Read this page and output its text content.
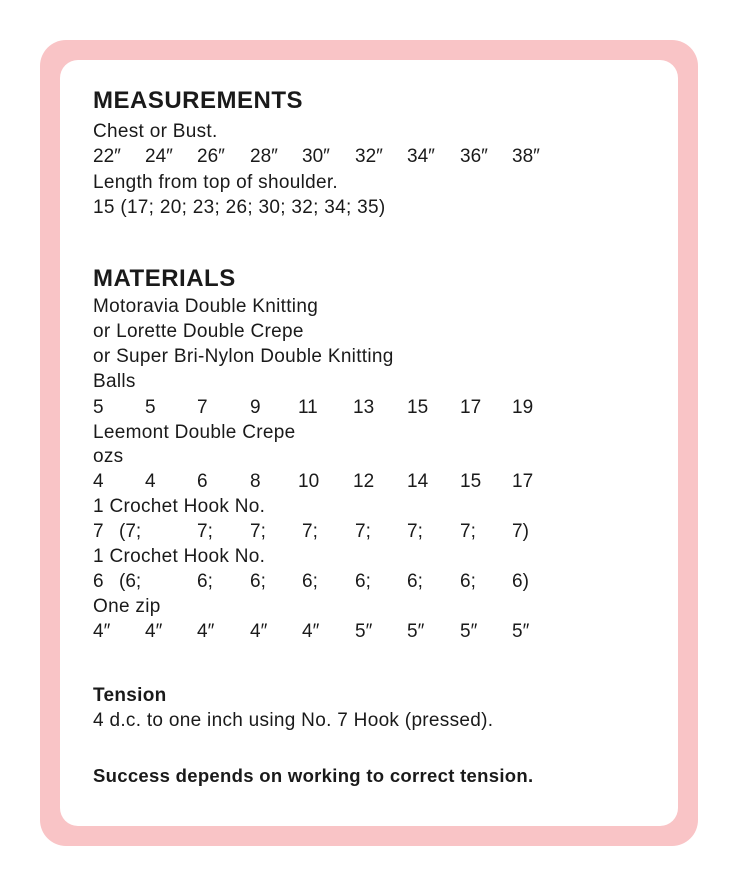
MEASUREMENTS
Chest or Bust.
22″ 24″ 26″ 28″ 30″ 32″ 34″ 36″ 38″
Length from top of shoulder.
15 (17; 20; 23; 26; 30; 32; 34; 35)
MATERIALS
Motoravia Double Knitting
or Lorette Double Crepe
or Super Bri-Nylon Double Knitting
Balls
5 5 7 9 11 13 15 17 19
Leemont Double Crepe
ozs
4 4 6 8 10 12 14 15 17
1 Crochet Hook No.
7 (7;	7; 7; 7; 7; 7; 7; 7)
1 Crochet Hook No.
6 (6;	6; 6; 6; 6; 6; 6; 6)
One zip
4″ 4″ 4″ 4″ 4″ 5″ 5″ 5″ 5″
Tension
4 d.c. to one inch using No. 7 Hook (pressed).
Success depends on working to correct tension.
